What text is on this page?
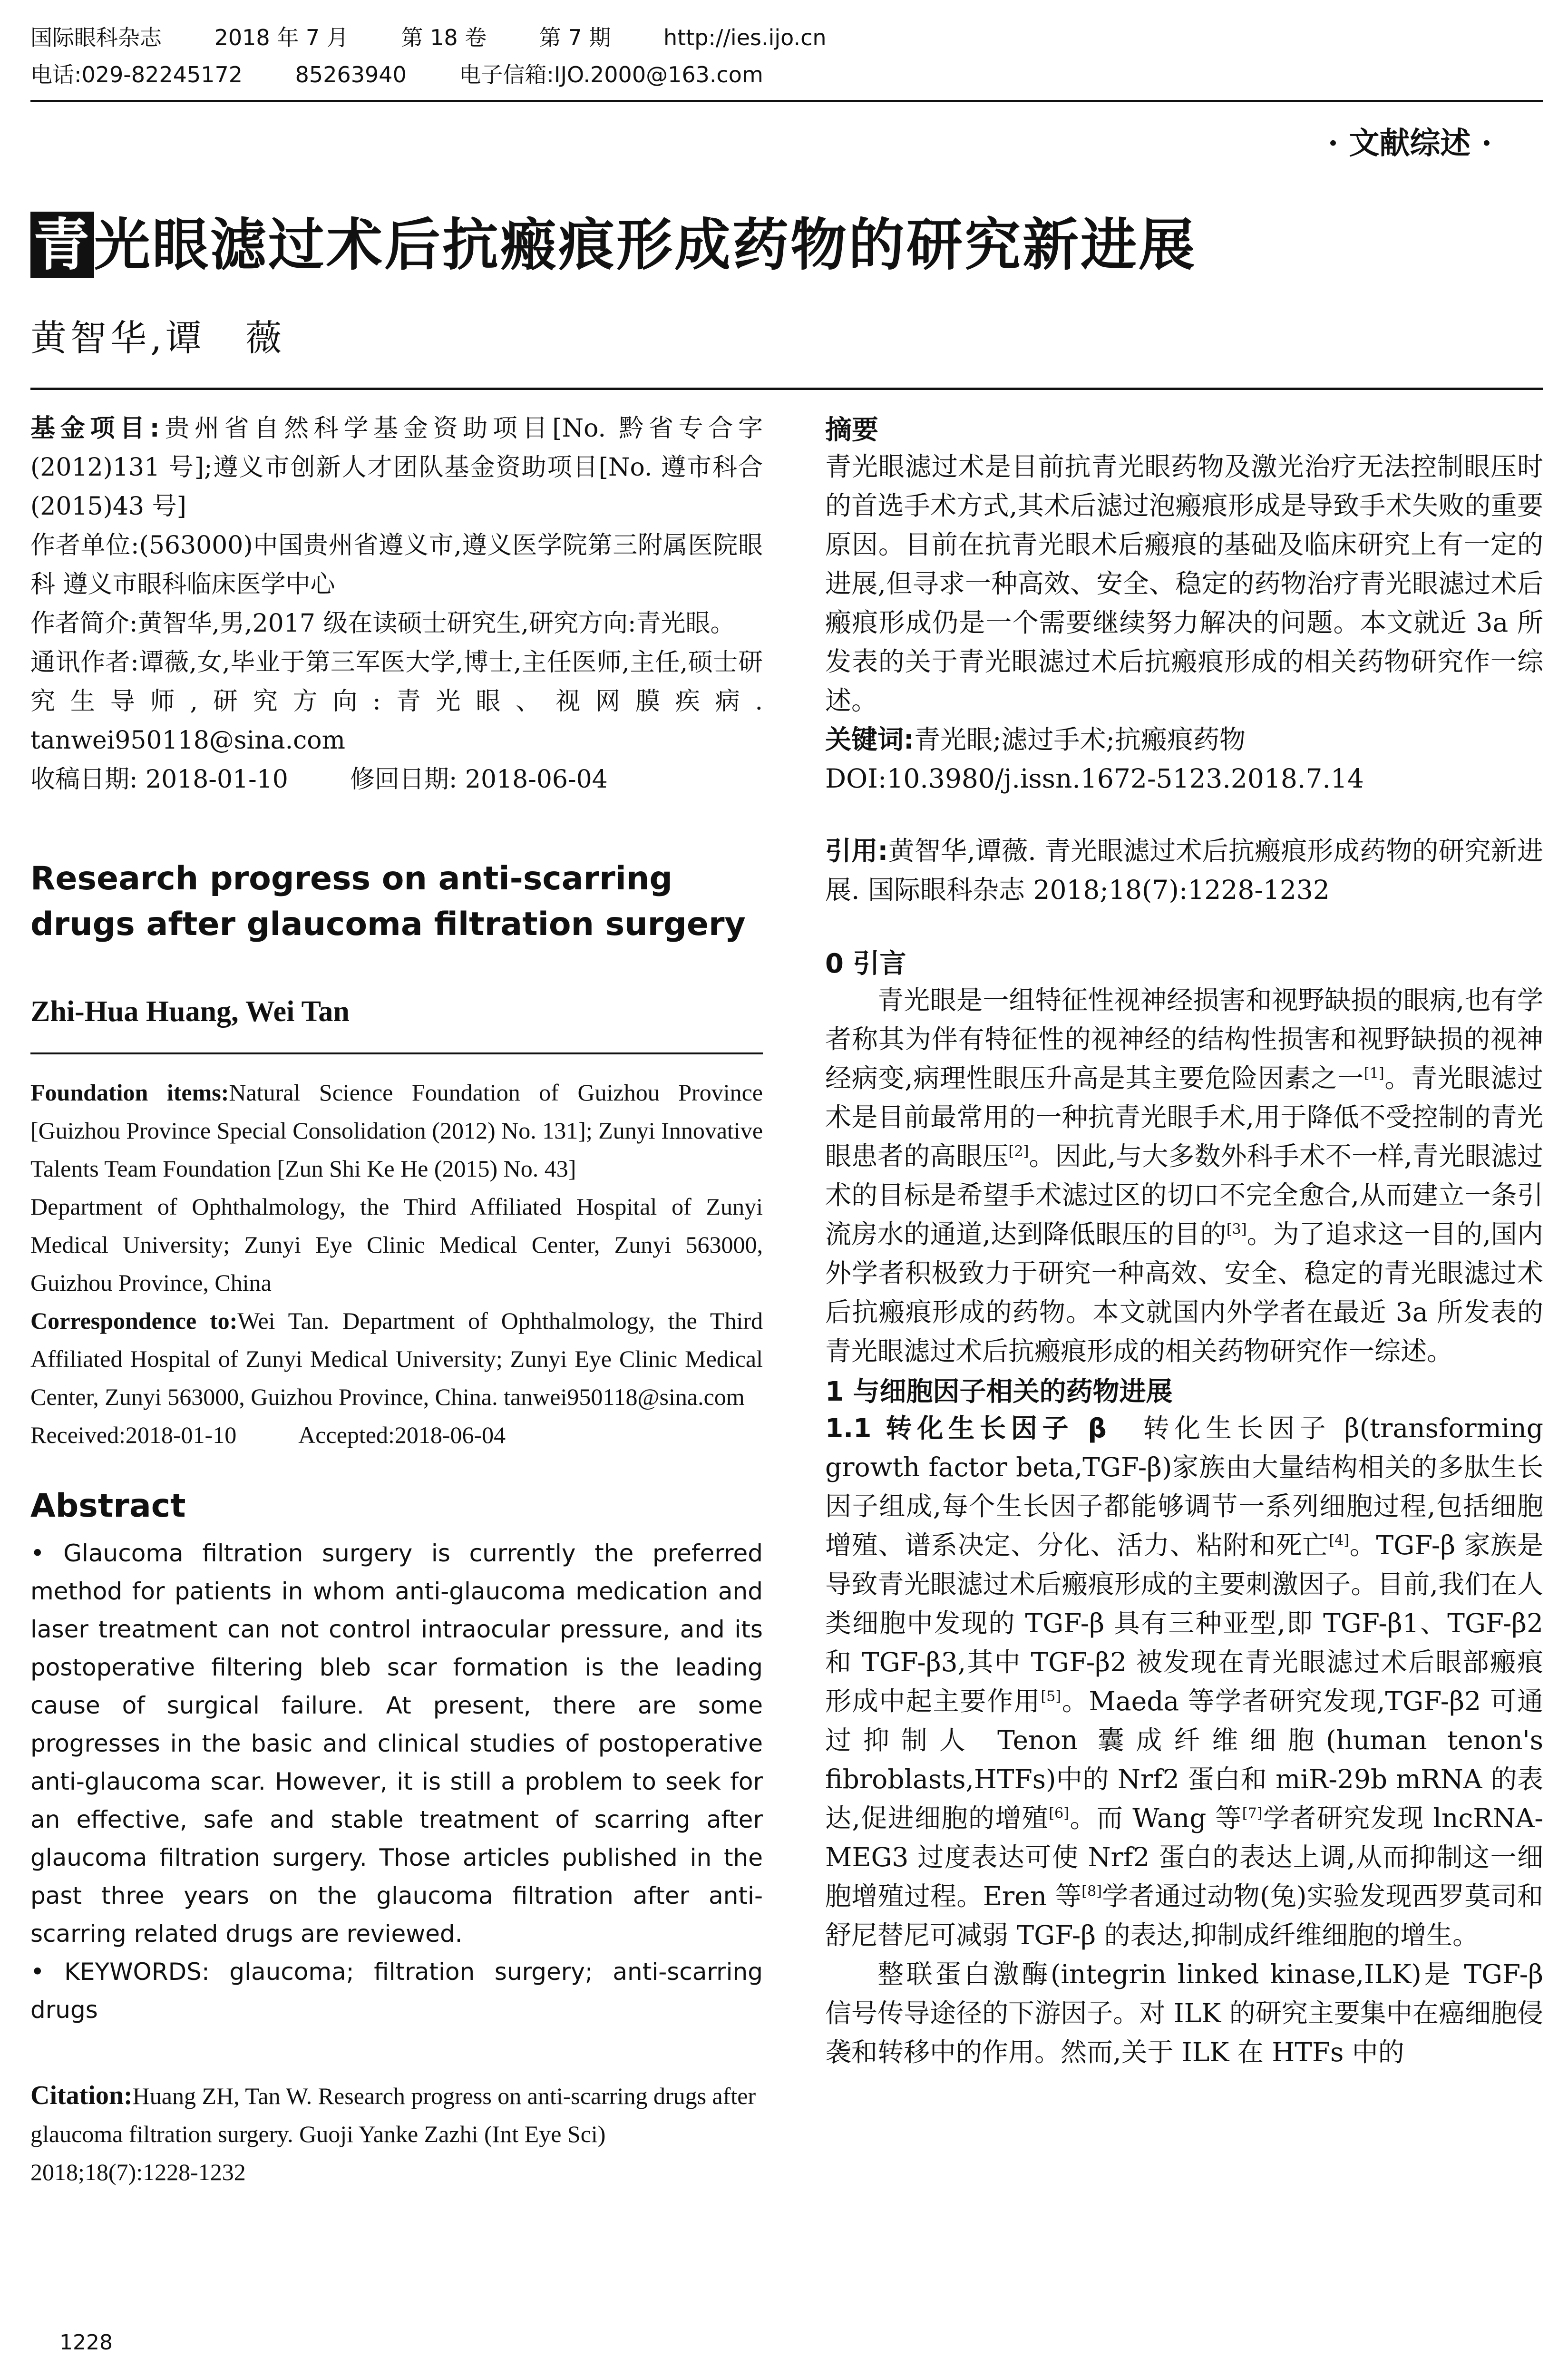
国际眼科杂志 2018 年 7 月 第 18 卷 第 7 期 http://ies.ijo.cn
电话:029-82245172 85263940 电子信箱:IJO.2000@163.com
· 文献综述 ·
青光眼滤过术后抗瘢痕形成药物的研究新进展
黄智华,谭　薇

基金项目:贵州省自然科学基金资助项目[No. 黔省专合字(2012)131 号];遵义市创新人才团队基金资助项目[No. 遵市科合(2015)43 号]

作者单位:(563000)中国贵州省遵义市,遵义医学院第三附属医院眼科 遵义市眼科临床医学中心

作者简介:黄智华,男,2017 级在读硕士研究生,研究方向:青光眼。

通讯作者:谭薇,女,毕业于第三军医大学,博士,主任医师,主任,硕士研究生导师,研究方向:青光眼、视网膜疾病. tanwei950118@sina.com

收稿日期: 2018-01-10	修回日期: 2018-06-04

Research progress on anti-scarring drugs after glaucoma filtration surgery
Zhi-Hua Huang, Wei Tan

Foundation items:Natural Science Foundation of Guizhou Province [Guizhou Province Special Consolidation (2012) No. 131]; Zunyi Innovative Talents Team Foundation [Zun Shi Ke He (2015) No. 43]

Department of Ophthalmology, the Third Affiliated Hospital of Zunyi Medical University; Zunyi Eye Clinic Medical Center, Zunyi 563000, Guizhou Province, China

Correspondence to:Wei Tan. Department of Ophthalmology, the Third Affiliated Hospital of Zunyi Medical University; Zunyi Eye Clinic Medical Center, Zunyi 563000, Guizhou Province, China. tanwei950118@sina.com

Received:2018-01-10	Accepted:2018-06-04

Abstract

• Glaucoma filtration surgery is currently the preferred method for patients in whom anti-glaucoma medication and laser treatment can not control intraocular pressure, and its postoperative filtering bleb scar formation is the leading cause of surgical failure. At present, there are some progresses in the basic and clinical studies of postoperative anti-glaucoma scar. However, it is still a problem to seek for an effective, safe and stable treatment of scarring after glaucoma filtration surgery. Those articles published in the past three years on the glaucoma filtration after anti-scarring related drugs are reviewed.

• KEYWORDS: glaucoma; filtration surgery; anti-scarring drugs

Citation:Huang ZH, Tan W. Research progress on anti-scarring drugs after glaucoma filtration surgery. Guoji Yanke Zazhi (Int Eye Sci) 2018;18(7):1228-1232
1228
摘要

青光眼滤过术是目前抗青光眼药物及激光治疗无法控制眼压时的首选手术方式,其术后滤过泡瘢痕形成是导致手术失败的重要原因。目前在抗青光眼术后瘢痕的基础及临床研究上有一定的进展,但寻求一种高效、安全、稳定的药物治疗青光眼滤过术后瘢痕形成仍是一个需要继续努力解决的问题。本文就近 3a 所发表的关于青光眼滤过术后抗瘢痕形成的相关药物研究作一综述。

关键词:青光眼;滤过手术;抗瘢痕药物

DOI:10.3980/j.issn.1672-5123.2018.7.14

引用:黄智华,谭薇. 青光眼滤过术后抗瘢痕形成药物的研究新进展. 国际眼科杂志 2018;18(7):1228-1232

0 引言

青光眼是一组特征性视神经损害和视野缺损的眼病,也有学者称其为伴有特征性的视神经的结构性损害和视野缺损的视神经病变,病理性眼压升高是其主要危险因素之一[1]。青光眼滤过术是目前最常用的一种抗青光眼手术,用于降低不受控制的青光眼患者的高眼压[2]。因此,与大多数外科手术不一样,青光眼滤过术的目标是希望手术滤过区的切口不完全愈合,从而建立一条引流房水的通道,达到降低眼压的目的[3]。为了追求这一目的,国内外学者积极致力于研究一种高效、安全、稳定的青光眼滤过术后抗瘢痕形成的药物。本文就国内外学者在最近 3a 所发表的青光眼滤过术后抗瘢痕形成的相关药物研究作一综述。

1 与细胞因子相关的药物进展

1.1 转化生长因子 β　转化生长因子 β(transforming growth factor beta,TGF-β)家族由大量结构相关的多肽生长因子组成,每个生长因子都能够调节一系列细胞过程,包括细胞增殖、谱系决定、分化、活力、粘附和死亡[4]。TGF-β 家族是导致青光眼滤过术后瘢痕形成的主要刺激因子。目前,我们在人类细胞中发现的 TGF-β 具有三种亚型,即 TGF-β1、TGF-β2 和 TGF-β3,其中 TGF-β2 被发现在青光眼滤过术后眼部瘢痕形成中起主要作用[5]。Maeda 等学者研究发现,TGF-β2 可通过抑制人 Tenon 囊成纤维细胞(human tenon's fibroblasts,HTFs)中的 Nrf2 蛋白和 miR-29b mRNA 的表达,促进细胞的增殖[6]。而 Wang 等[7]学者研究发现 lncRNA-MEG3 过度表达可使 Nrf2 蛋白的表达上调,从而抑制这一细胞增殖过程。Eren 等[8]学者通过动物(兔)实验发现西罗莫司和舒尼替尼可减弱 TGF-β 的表达,抑制成纤维细胞的增生。

整联蛋白激酶(integrin linked kinase,ILK)是 TGF-β 信号传导途径的下游因子。对 ILK 的研究主要集中在癌细胞侵袭和转移中的作用。然而,关于 ILK 在 HTFs 中的
